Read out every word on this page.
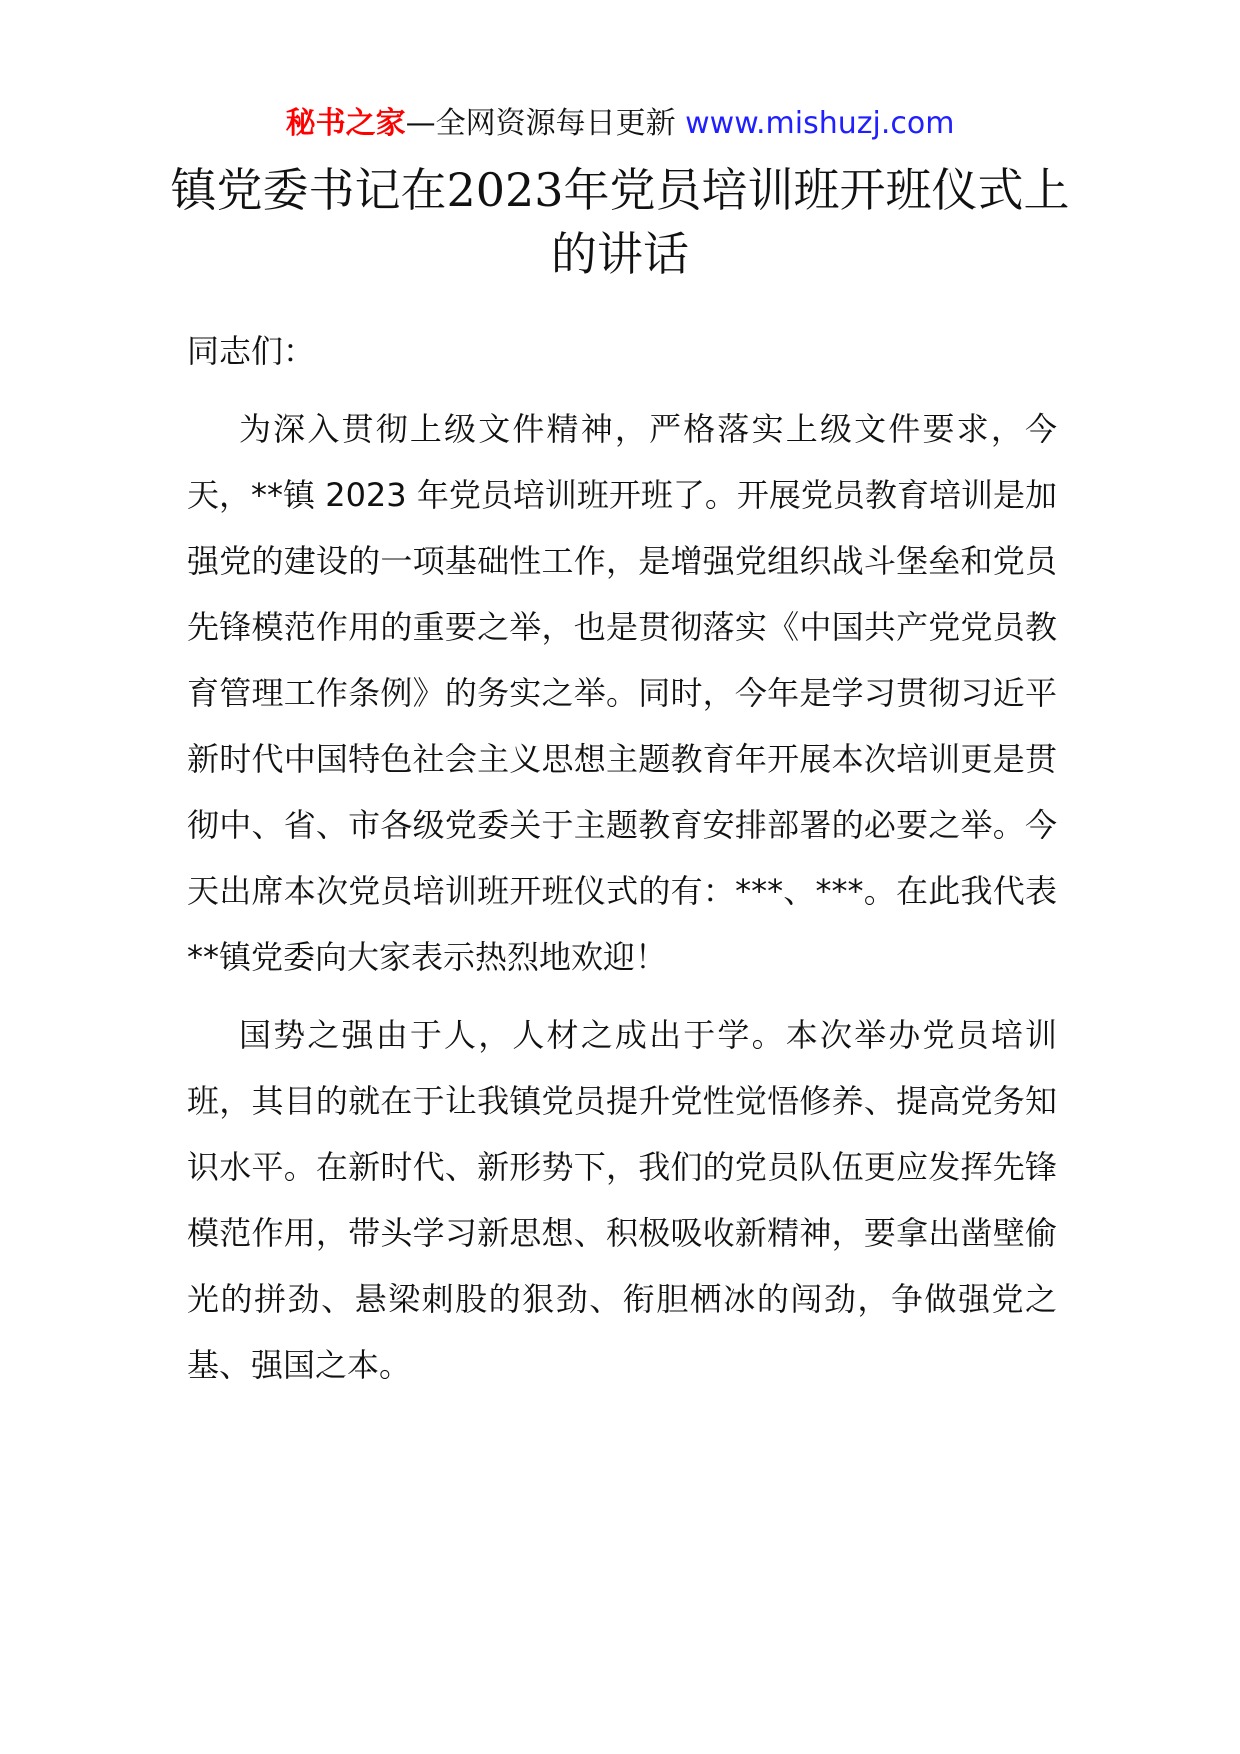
秘书之家—全网资源每日更新 www.mishuzj.com
镇党委书记在2023年党员培训班开班仪式上的讲话

同志们：

为深入贯彻上级文件精神，严格落实上级文件要求，今天，**镇 2023 年党员培训班开班了。开展党员教育培训是加强党的建设的一项基础性工作，是增强党组织战斗堡垒和党员先锋模范作用的重要之举，也是贯彻落实《中国共产党党员教育管理工作条例》的务实之举。同时，今年是学习贯彻习近平新时代中国特色社会主义思想主题教育年开展本次培训更是贯彻中、省、市各级党委关于主题教育安排部署的必要之举。今天出席本次党员培训班开班仪式的有：***、***。在此我代表**镇党委向大家表示热烈地欢迎！

国势之强由于人，人材之成出于学。本次举办党员培训班，其目的就在于让我镇党员提升党性觉悟修养、提高党务知识水平。在新时代、新形势下，我们的党员队伍更应发挥先锋模范作用，带头学习新思想、积极吸收新精神，要拿出凿壁偷光的拼劲、悬梁刺股的狠劲、衔胆栖冰的闯劲，争做强党之基、强国之本。
